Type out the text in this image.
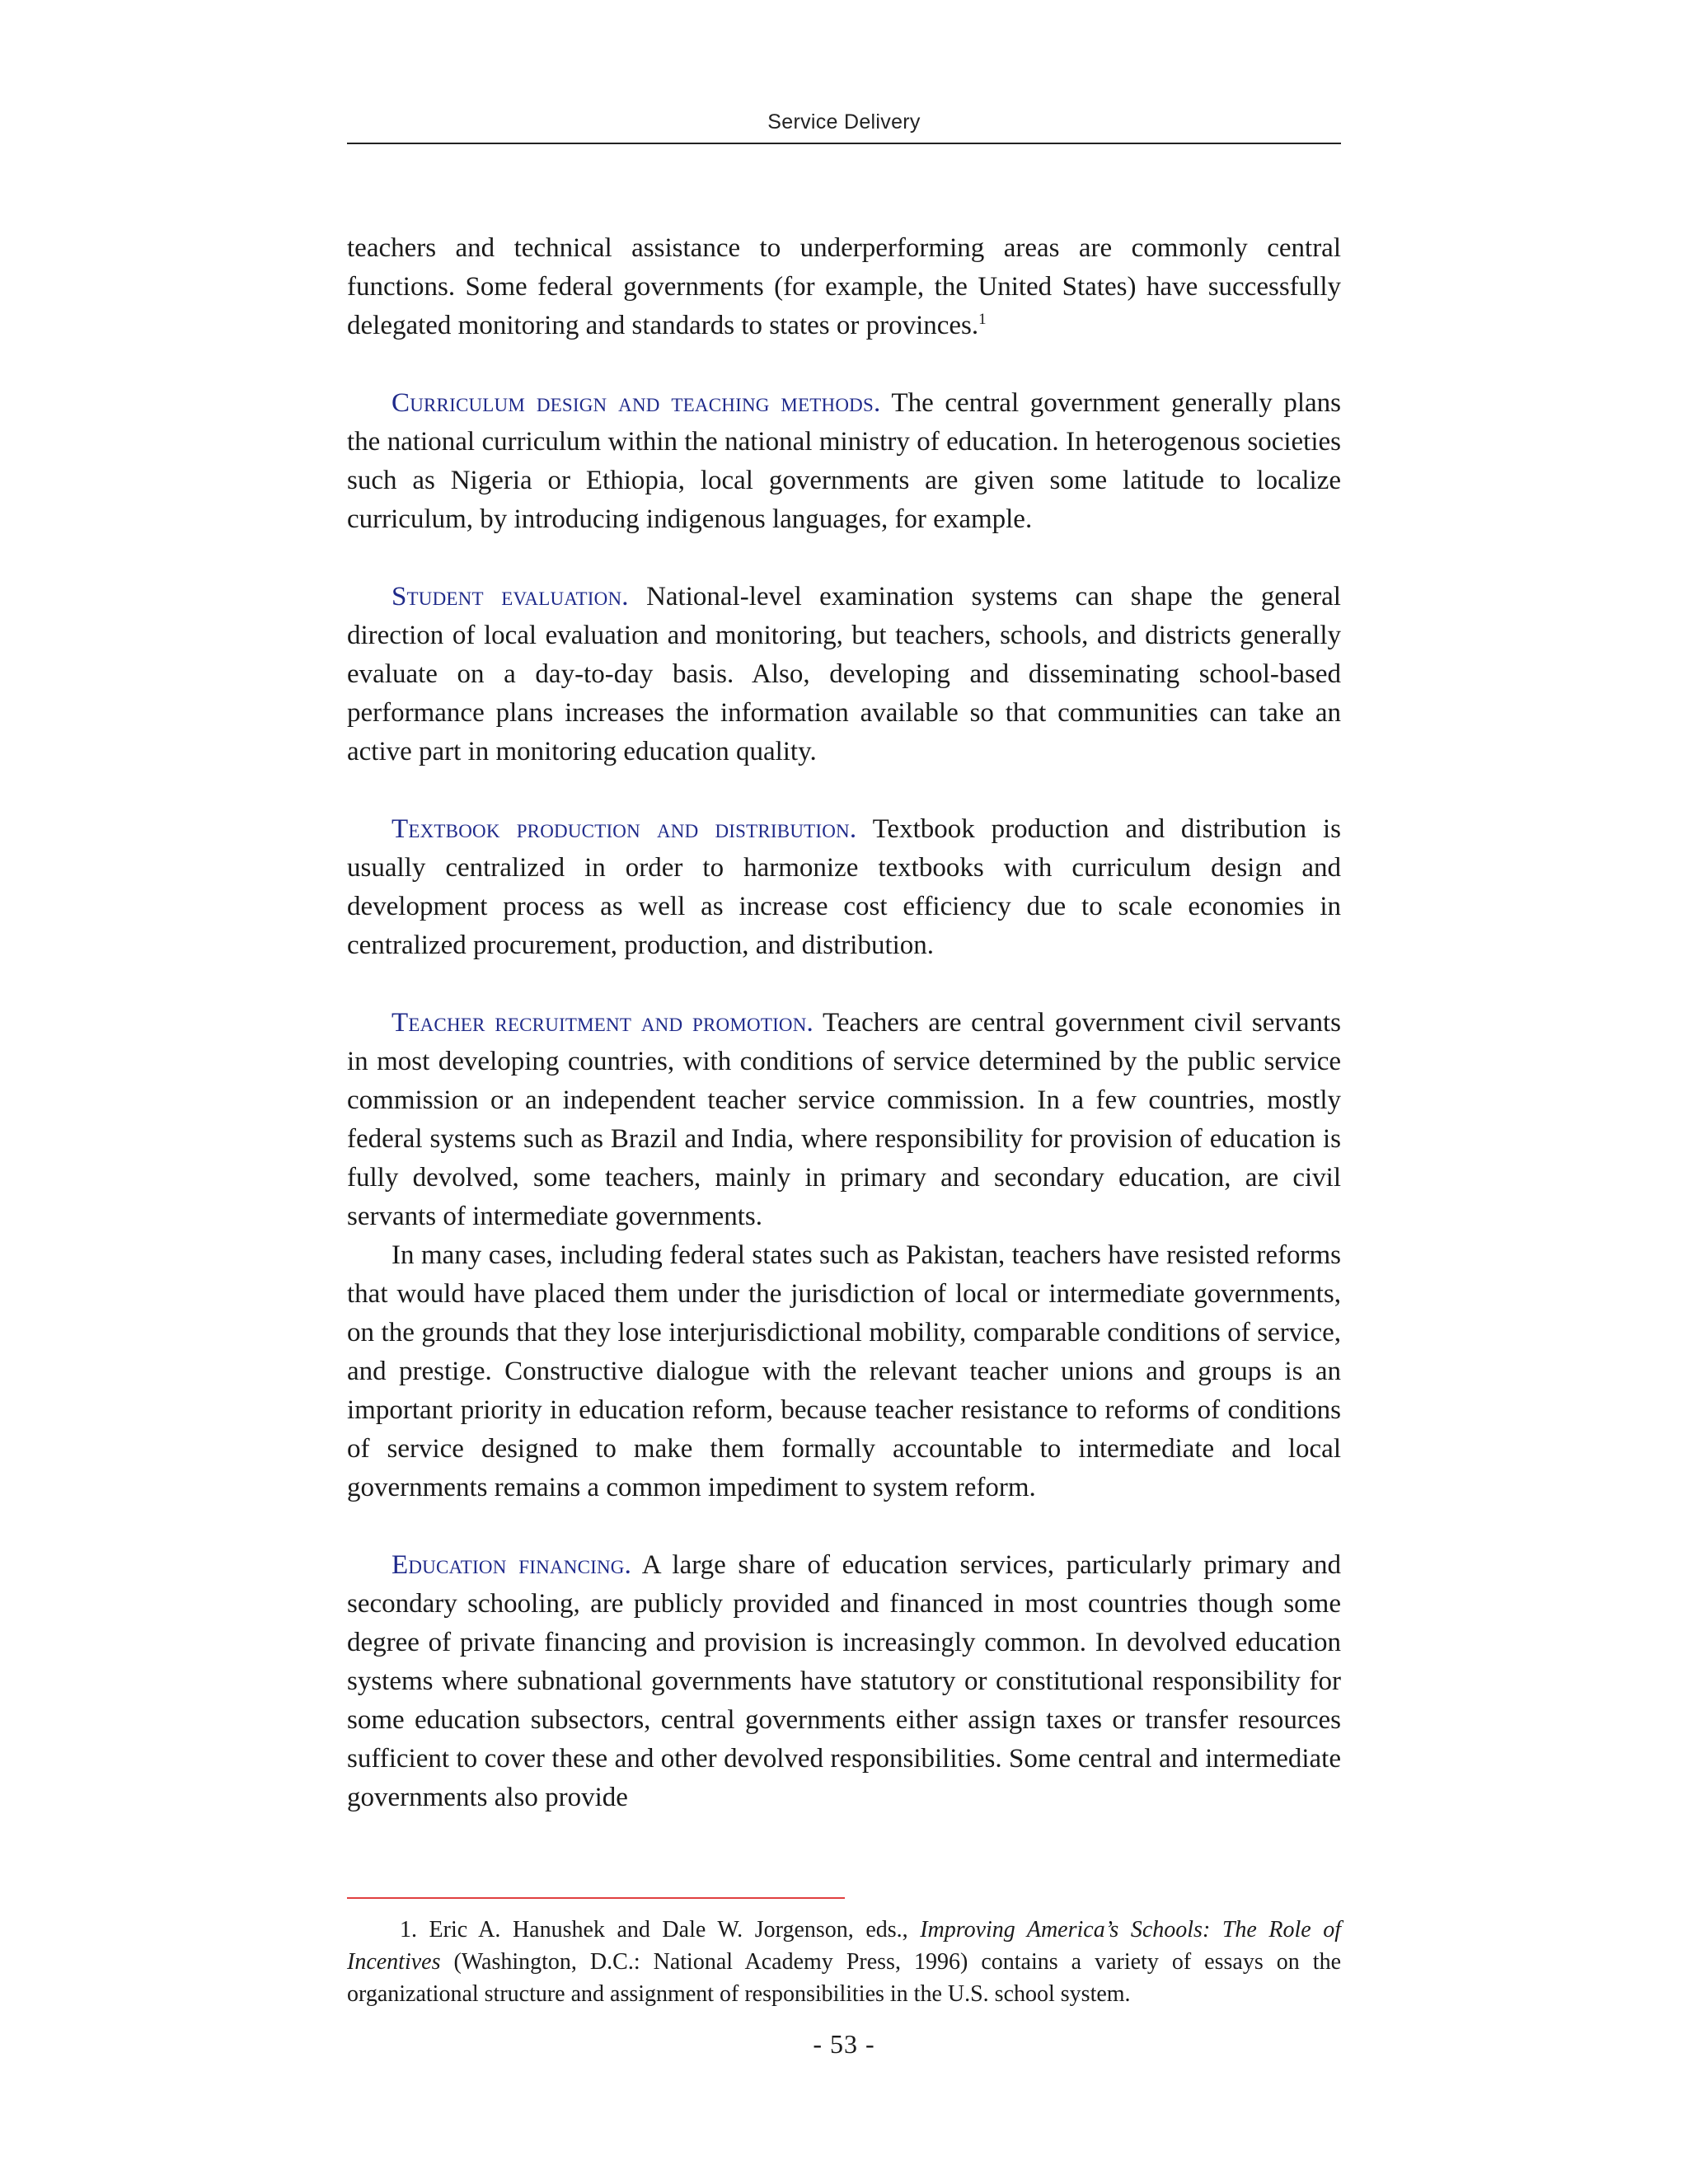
Service Delivery

teachers and technical assistance to underperforming areas are commonly central functions. Some federal governments (for example, the United States) have successfully delegated monitoring and standards to states or provinces.$^1$

Curriculum design and teaching methods. The central government generally plans the national curriculum within the national ministry of education. In heterogenous societies such as Nigeria or Ethiopia, local governments are given some latitude to localize curriculum, by introducing indigenous languages, for example.

Student evaluation. National-level examination systems can shape the general direction of local evaluation and monitoring, but teachers, schools, and districts generally evaluate on a day-to-day basis. Also, developing and disseminating school-based performance plans increases the information available so that communities can take an active part in monitoring education quality.

Textbook production and distribution. Textbook production and distribution is usually centralized in order to harmonize textbooks with curriculum design and development process as well as increase cost efficiency due to scale economies in centralized procurement, production, and distribution.

Teacher recruitment and promotion. Teachers are central government civil servants in most developing countries, with conditions of service determined by the public service commission or an independent teacher service commission. In a few countries, mostly federal systems such as Brazil and India, where responsibility for provision of education is fully devolved, some teachers, mainly in primary and secondary education, are civil servants of intermediate governments.

In many cases, including federal states such as Pakistan, teachers have resisted reforms that would have placed them under the jurisdiction of local or intermediate governments, on the grounds that they lose interjurisdictional mobility, comparable conditions of service, and prestige. Constructive dialogue with the relevant teacher unions and groups is an important priority in education reform, because teacher resistance to reforms of conditions of service designed to make them formally accountable to intermediate and local governments remains a common impediment to system reform.

Education financing. A large share of education services, particularly primary and secondary schooling, are publicly provided and financed in most countries though some degree of private financing and provision is increasingly common. In devolved education systems where subnational governments have statutory or constitutional responsibility for some education subsectors, central governments either assign taxes or transfer resources sufficient to cover these and other devolved responsibilities. Some central and intermediate governments also provide

1. Eric A. Hanushek and Dale W. Jorgenson, eds., Improving America’s Schools: The Role of Incentives (Washington, D.C.: National Academy Press, 1996) contains a variety of essays on the organizational structure and assignment of responsibilities in the U.S. school system.
- 53 -
